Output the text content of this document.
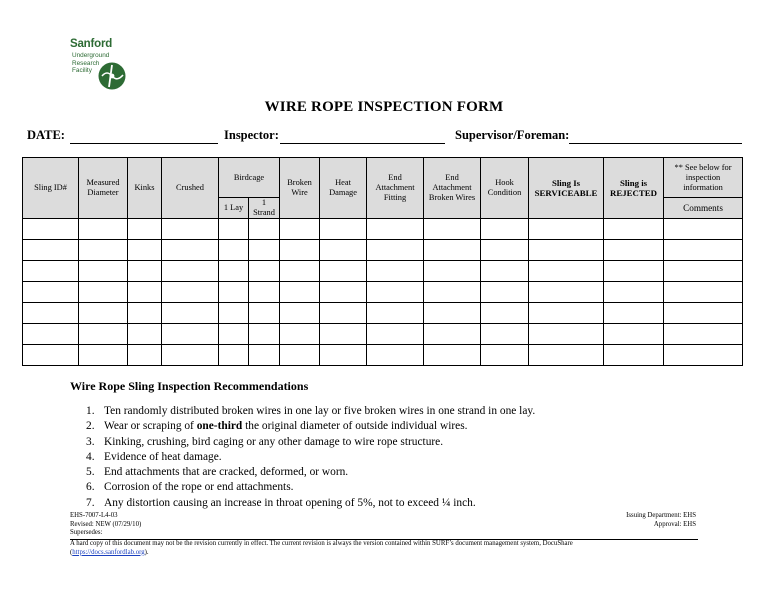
Sanford
Underground
Research
Facility
WIRE ROPE INSPECTION FORM
DATE:	Inspector:	Supervisor/Foreman:
Sling ID#	Measured Diameter	Kinks	Crushed	Birdcage		Broken Wire	Heat Damage	End Attachment Fitting	End Attachment Broken Wires	Hook Condition	Sling Is SERVICEABLE	Sling is REJECTED	** See below for inspection information
				1 Lay	1 Strand								Comments

Wire Rope Sling Inspection Recommendations
1. Ten randomly distributed broken wires in one lay or five broken wires in one strand in one lay.
2. Wear or scraping of one-third the original diameter of outside individual wires.
3. Kinking, crushing, bird caging or any other damage to wire rope structure.
4. Evidence of heat damage.
5. End attachments that are cracked, deformed, or worn.
6. Corrosion of the rope or end attachments.
7. Any distortion causing an increase in throat opening of 5%, not to exceed ¼ inch.
EHS-7007-L4-03
Revised: NEW (07/29/10)
Supersedes:
Issuing Department: EHS
Approval: EHS
A hard copy of this document may not be the revision currently in effect. The current revision is always the version contained within SURF’s document management system, DocuShare
(https://docs.sanfordlab.org).
